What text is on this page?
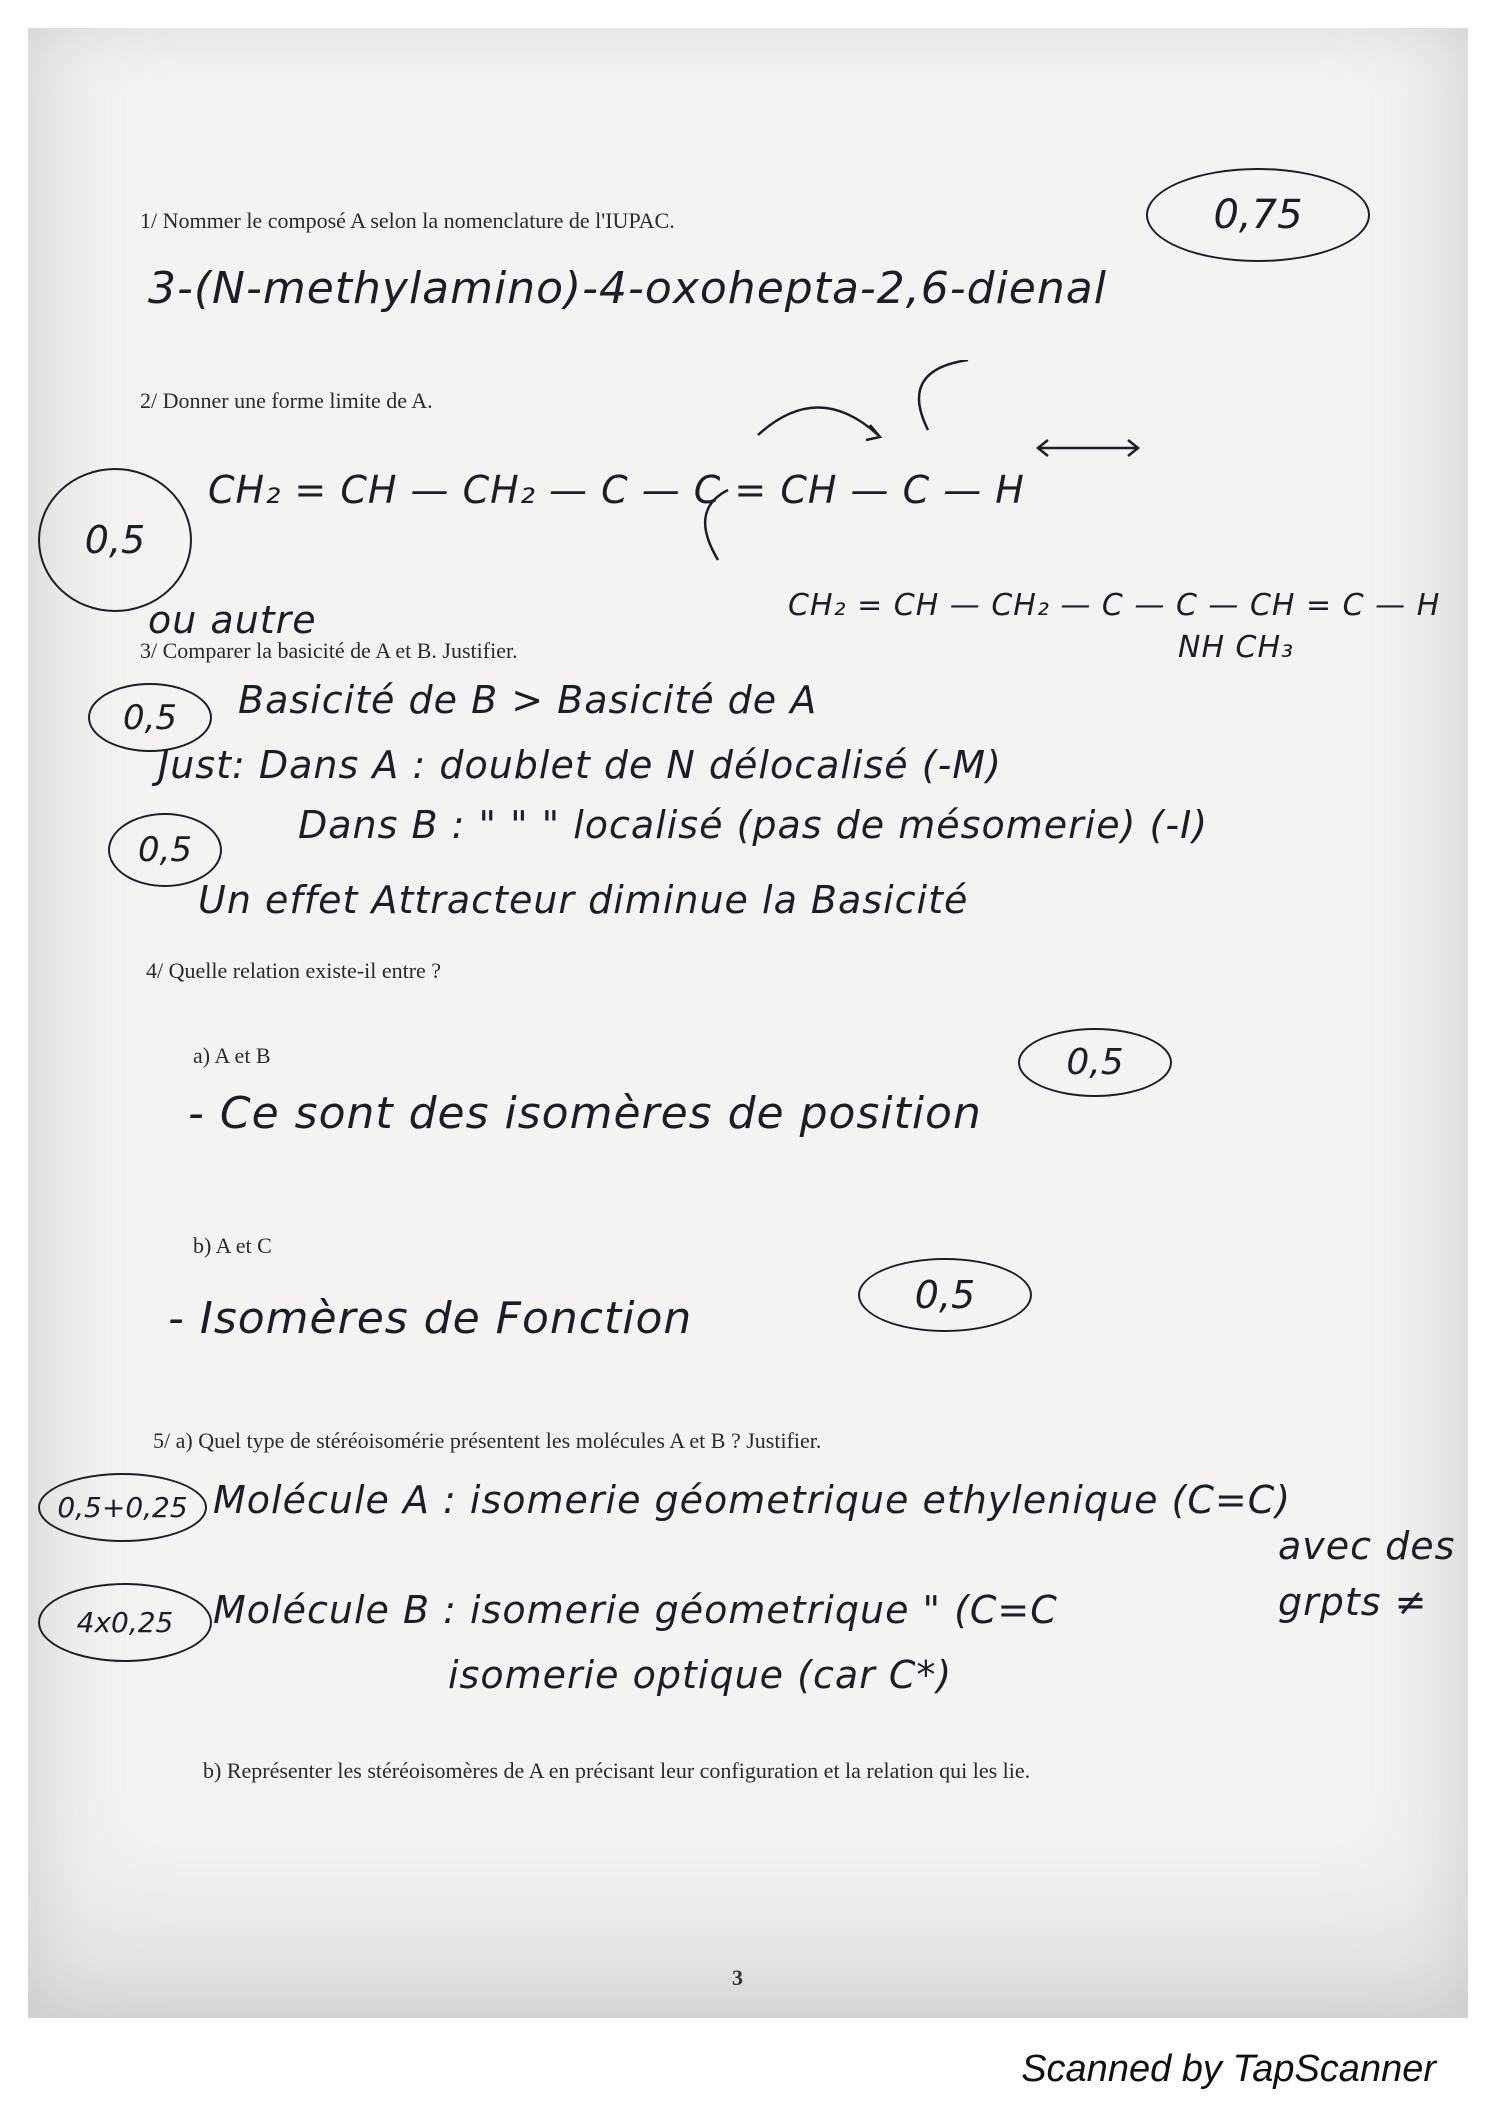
1/ Nommer le composé A selon la nomenclature de l'IUPAC.	0,75
3-(N-methylamino)-4-oxohepta-2,6-dienal
2/ Donner une forme limite de A.
0,5
CH₂ = CH — CH₂ — C — C = CH — C — H
CH₂ = CH — CH₂ — C — C — CH = C — H
NH CH₃
ou autre
3/ Comparer la basicité de A et B. Justifier.
0,5	Basicité de B > Basicité de A
Just: Dans A : doublet de N délocalisé (-M)
0,5
Dans B : " " " localisé (pas de mésomerie) (-I)
Un effet Attracteur diminue la Basicité
4/ Quelle relation existe-il entre ?
a) A et B	0,5
- Ce sont des isomères de position
b) A et C
0,5
- Isomères de Fonction
5/ a) Quel type de stéréoisomérie présentent les molécules A et B ? Justifier.
0,5+0,25 Molécule A : isomerie géometrique ethylenique (C=C)
4x0,25	Molécule B : isomerie géometrique " (C=C
isomerie optique (car C*)
avec des grpts ≠
b) Représenter les stéréoisomères de A en précisant leur configuration et la relation qui les lie.
3
Scanned by TapScanner
